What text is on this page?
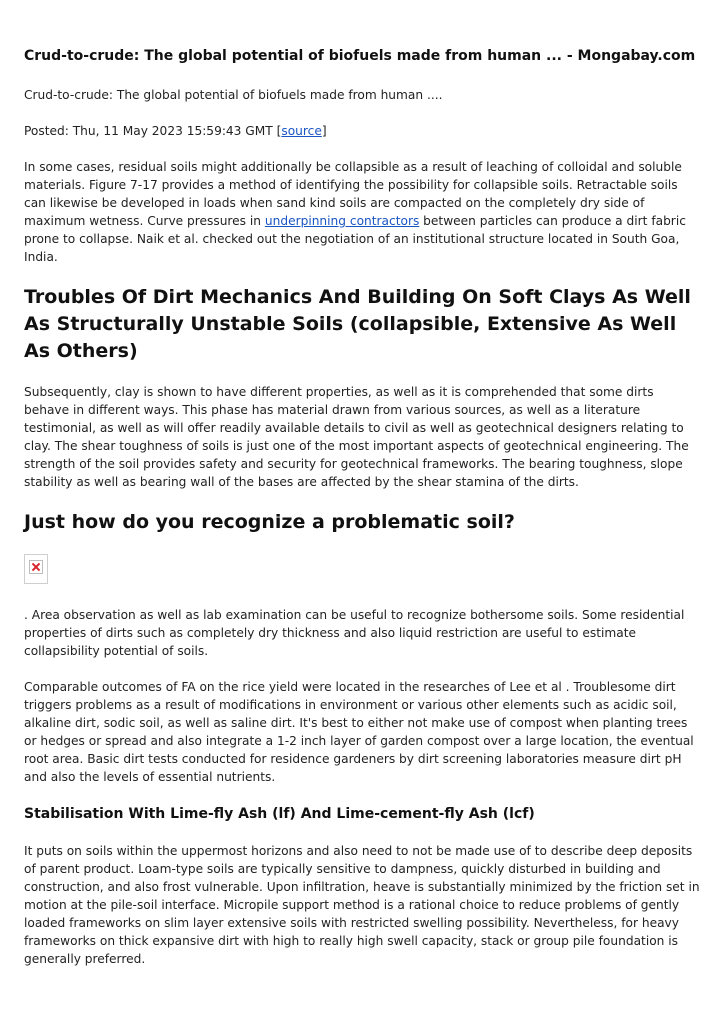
Crud-to-crude: The global potential of biofuels made from human ... - Mongabay.com

Crud-to-crude: The global potential of biofuels made from human ....

Posted: Thu, 11 May 2023 15:59:43 GMT [source]

In some cases, residual soils might additionally be collapsible as a result of leaching of colloidal and soluble materials. Figure 7-17 provides a method of identifying the possibility for collapsible soils. Retractable soils can likewise be developed in loads when sand kind soils are compacted on the completely dry side of maximum wetness. Curve pressures in underpinning contractors between particles can produce a dirt fabric prone to collapse. Naik et al. checked out the negotiation of an institutional structure located in South Goa, India.

Troubles Of Dirt Mechanics And Building On Soft Clays As Well As Structurally Unstable Soils (collapsible, Extensive As Well As Others)

Subsequently, clay is shown to have different properties, as well as it is comprehended that some dirts behave in different ways. This phase has material drawn from various sources, as well as a literature testimonial, as well as will offer readily available details to civil as well as geotechnical designers relating to clay. The shear toughness of soils is just one of the most important aspects of geotechnical engineering. The strength of the soil provides safety and security for geotechnical frameworks. The bearing toughness, slope stability as well as bearing wall of the bases are affected by the shear stamina of the dirts.

Just how do you recognize a problematic soil?

. Area observation as well as lab examination can be useful to recognize bothersome soils. Some residential properties of dirts such as completely dry thickness and also liquid restriction are useful to estimate collapsibility potential of soils.

Comparable outcomes of FA on the rice yield were located in the researches of Lee et al . Troublesome dirt triggers problems as a result of modifications in environment or various other elements such as acidic soil, alkaline dirt, sodic soil, as well as saline dirt. It's best to either not make use of compost when planting trees or hedges or spread and also integrate a 1-2 inch layer of garden compost over a large location, the eventual root area. Basic dirt tests conducted for residence gardeners by dirt screening laboratories measure dirt pH and also the levels of essential nutrients.

Stabilisation With Lime-fly Ash (lf) And Lime-cement-fly Ash (lcf)

It puts on soils within the uppermost horizons and also need to not be made use of to describe deep deposits of parent product. Loam-type soils are typically sensitive to dampness, quickly disturbed in building and construction, and also frost vulnerable. Upon infiltration, heave is substantially minimized by the friction set in motion at the pile-soil interface. Micropile support method is a rational choice to reduce problems of gently loaded frameworks on slim layer extensive soils with restricted swelling possibility. Nevertheless, for heavy frameworks on thick expansive dirt with high to really high swell capacity, stack or group pile foundation is generally preferred.
